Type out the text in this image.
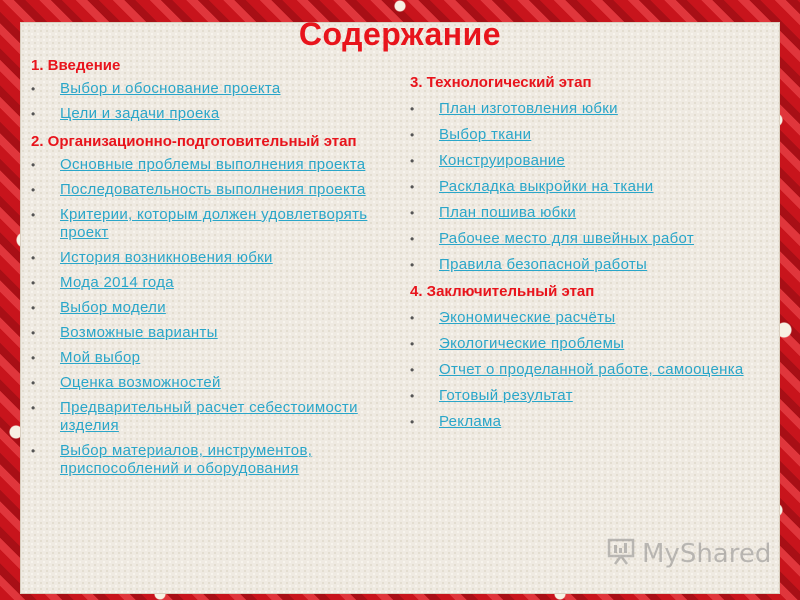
Содержание
1. Введение
• Выбор и обоснование проекта
• Цели и задачи проека
2. Организационно-подготовительный этап
• Основные проблемы выполнения проекта
• Последовательность выполнения проекта
• Критерии, которым должен удовлетворять проект
• История возникновения юбки
• Мода 2014 года
• Выбор модели
• Возможные варианты
• Мой выбор
• Оценка возможностей
• Предварительный расчет себестоимости изделия
• Выбор материалов, инструментов, приспособлений и оборудования
3. Технологический этап
• План изготовления юбки
• Выбор ткани
• Конструирование
• Раскладка выкройки на ткани
• План пошива юбки
• Рабочее место для швейных работ
• Правила безопасной работы
4. Заключительный этап
• Экономические расчёты
• Экологические проблемы
• Отчет о проделанной работе, самооценка
• Готовый результат
• Реклама
MyShared
